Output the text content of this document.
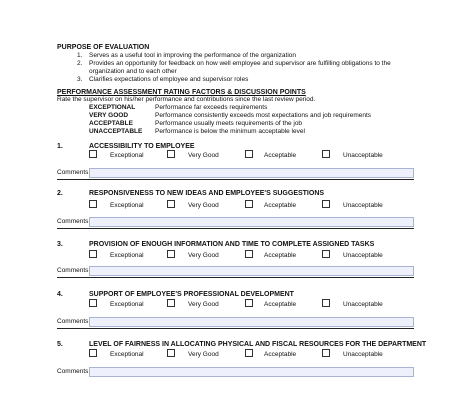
PURPOSE OF EVALUATION
1. Serves as a useful tool in improving the performance of the organization
2. Provides an opportunity for feedback on how well employee and supervisor are fulfilling obligations to the
organization and to each other
3. Clarifies expectations of employee and supervisor roles
PERFORMANCE ASSESSMENT RATING FACTORS & DISCUSSION POINTS
Rate the supervisor on his/her performance and contributions since the last review period.
EXCEPTIONAL	Performance far exceeds requirements
VERY GOOD	Performance consistently exceeds most expectations and job requirements
ACCEPTABLE	Performance usually meets requirements of the job
UNACCEPTABLE Performance is below the minimum acceptable level
1.	ACCESSIBILITY TO EMPLOYEE
Exceptional	Very Good	Acceptable	Unacceptable
Comments
2.	RESPONSIVENESS TO NEW IDEAS AND EMPLOYEE'S SUGGESTIONS
Exceptional	Very Good	Acceptable	Unacceptable
Comments
3.	PROVISION OF ENOUGH INFORMATION AND TIME TO COMPLETE ASSIGNED TASKS
Exceptional	Very Good	Acceptable	Unacceptable
Comments
4.	SUPPORT OF EMPLOYEE'S PROFESSIONAL DEVELOPMENT
Exceptional	Very Good	Acceptable	Unacceptable
Comments
5.	LEVEL OF FAIRNESS IN ALLOCATING PHYSICAL AND FISCAL RESOURCES FOR THE DEPARTMENT
Exceptional	Very Good	Acceptable	Unacceptable
Comments
